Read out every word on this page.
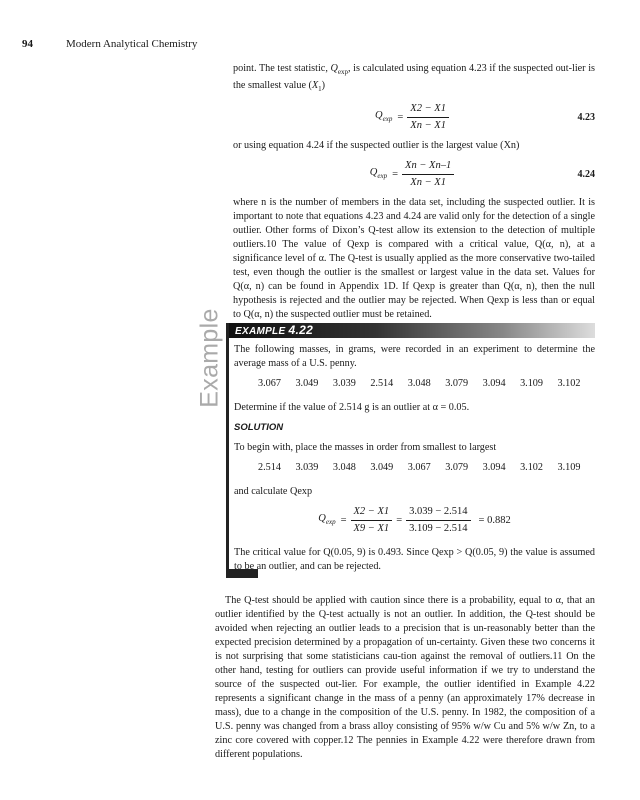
94	Modern Analytical Chemistry

point. The test statistic, $Q_{exp}$, is calculated using equation 4.23 if the suspected out-lier is the smallest value $(X_1)$

$Q_{exp} = \frac{X2 - X1}{Xn - X1}$	4.23

or using equation 4.24 if the suspected outlier is the largest value (Xn)

$Q_{exp} = \frac{Xn - Xn-1}{Xn - X1}$	4.24

where n is the number of members in the data set, including the suspected outlier. It is important to note that equations 4.23 and 4.24 are valid only for the detection of a single outlier. Other forms of Dixon’s Q-test allow its extension to the detection of multiple outliers.10 The value of Qexp is compared with a critical value, Q(α, n), at a significance level of α. The Q-test is usually applied as the more conservative two-tailed test, even though the outlier is the smallest or largest value in the data set. Values for Q(α, n) can be found in Appendix 1D. If Qexp is greater than Q(α, n), then the null hypothesis is rejected and the outlier may be rejected. When Qexp is less than or equal to Q(α, n) the suspected outlier must be retained.

Example	EXAMPLE 4.22

The following masses, in grams, were recorded in an experiment to determine the average mass of a U.S. penny.

3.067	3.049	3.039	2.514	3.048	3.079	3.094	3.109	3.102

Determine if the value of 2.514 g is an outlier at α = 0.05.

SOLUTION

To begin with, place the masses in order from smallest to largest

2.514	3.039	3.048	3.049	3.067	3.079	3.094	3.102	3.109

and calculate Qexp

$Q_{exp} = \frac{X2 - X1}{X9 - X1} = \frac{3.039 - 2.514}{3.109 - 2.514} = 0.882$

The critical value for Q(0.05, 9) is 0.493. Since Qexp > Q(0.05, 9) the value is assumed to be an outlier, and can be rejected.

The Q-test should be applied with caution since there is a probability, equal to α, that an outlier identified by the Q-test actually is not an outlier. In addition, the Q-test should be avoided when rejecting an outlier leads to a precision that is un-reasonably better than the expected precision determined by a propagation of un-certainty. Given these two concerns it is not surprising that some statisticians cau-tion against the removal of outliers.11 On the other hand, testing for outliers can provide useful information if we try to understand the source of the suspected out-lier. For example, the outlier identified in Example 4.22 represents a significant change in the mass of a penny (an approximately 17% decrease in mass), due to a change in the composition of the U.S. penny. In 1982, the composition of a U.S. penny was changed from a brass alloy consisting of 95% w/w Cu and 5% w/w Zn, to a zinc core covered with copper.12 The pennies in Example 4.22 were therefore drawn from different populations.
